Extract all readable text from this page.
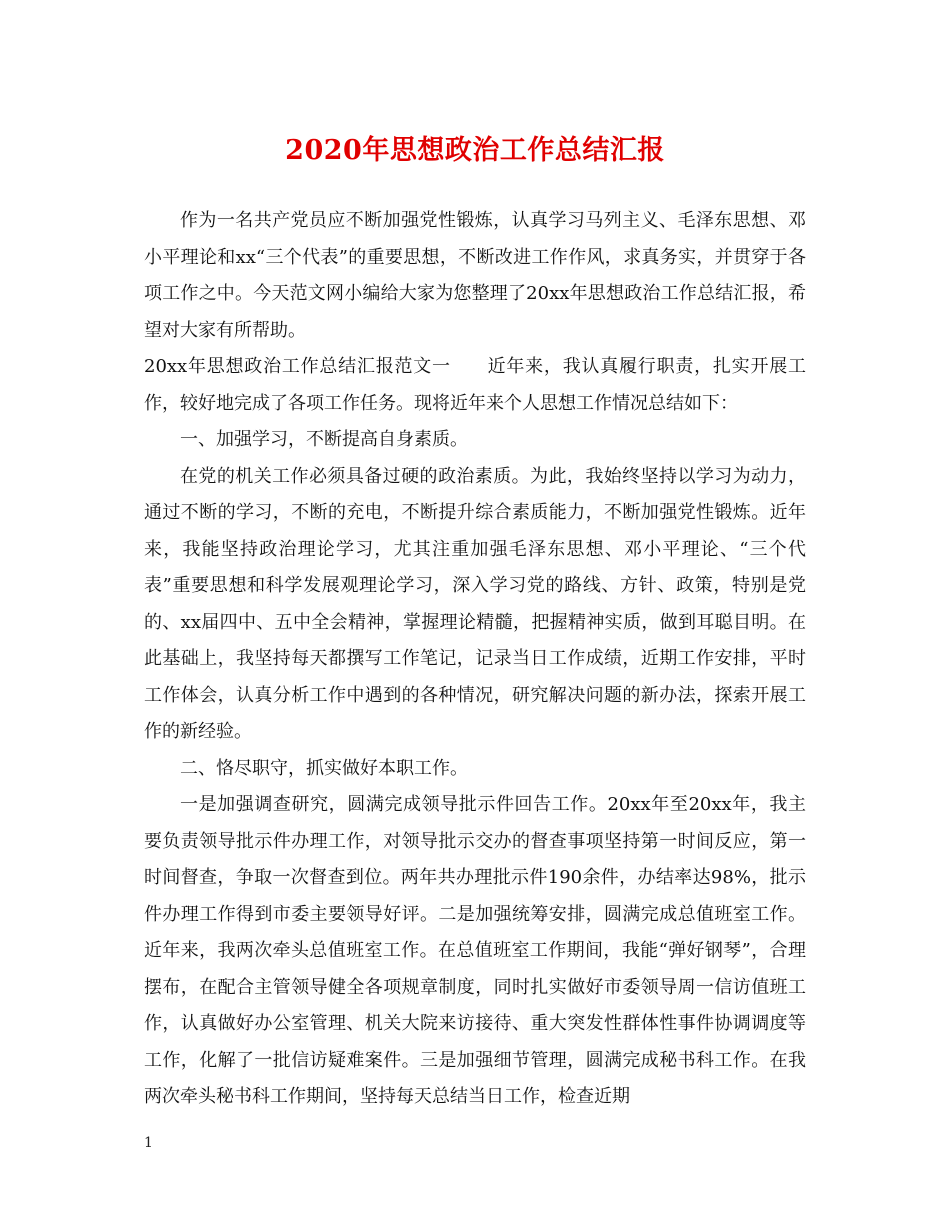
2020年思想政治工作总结汇报

作为一名共产党员应不断加强党性锻炼，认真学习马列主义、毛泽东思想、邓小平理论和xx“三个代表”的重要思想，不断改进工作作风，求真务实，并贯穿于各项工作之中。今天范文网小编给大家为您整理了20xx年思想政治工作总结汇报，希望对大家有所帮助。

20xx年思想政治工作总结汇报范文一 近年来，我认真履行职责，扎实开展工作，较好地完成了各项工作任务。现将近年来个人思想工作情况总结如下：

一、加强学习，不断提高自身素质。

在党的机关工作必须具备过硬的政治素质。为此，我始终坚持以学习为动力，通过不断的学习，不断的充电，不断提升综合素质能力，不断加强党性锻炼。近年来，我能坚持政治理论学习，尤其注重加强毛泽东思想、邓小平理论、“三个代表”重要思想和科学发展观理论学习，深入学习党的路线、方针、政策，特别是党的、xx届四中、五中全会精神，掌握理论精髓，把握精神实质，做到耳聪目明。在此基础上，我坚持每天都撰写工作笔记，记录当日工作成绩，近期工作安排，平时工作体会，认真分析工作中遇到的各种情况，研究解决问题的新办法，探索开展工作的新经验。

二、恪尽职守，抓实做好本职工作。

一是加强调查研究，圆满完成领导批示件回告工作。20xx年至20xx年，我主要负责领导批示件办理工作，对领导批示交办的督查事项坚持第一时间反应，第一时间督查，争取一次督查到位。两年共办理批示件190余件，办结率达98%，批示件办理工作得到市委主要领导好评。二是加强统筹安排，圆满完成总值班室工作。近年来，我两次牵头总值班室工作。在总值班室工作期间，我能“弹好钢琴”，合理摆布，在配合主管领导健全各项规章制度，同时扎实做好市委领导周一信访值班工作，认真做好办公室管理、机关大院来访接待、重大突发性群体性事件协调调度等工作，化解了一批信访疑难案件。三是加强细节管理，圆满完成秘书科工作。在我两次牵头秘书科工作期间，坚持每天总结当日工作，检查近期

1
